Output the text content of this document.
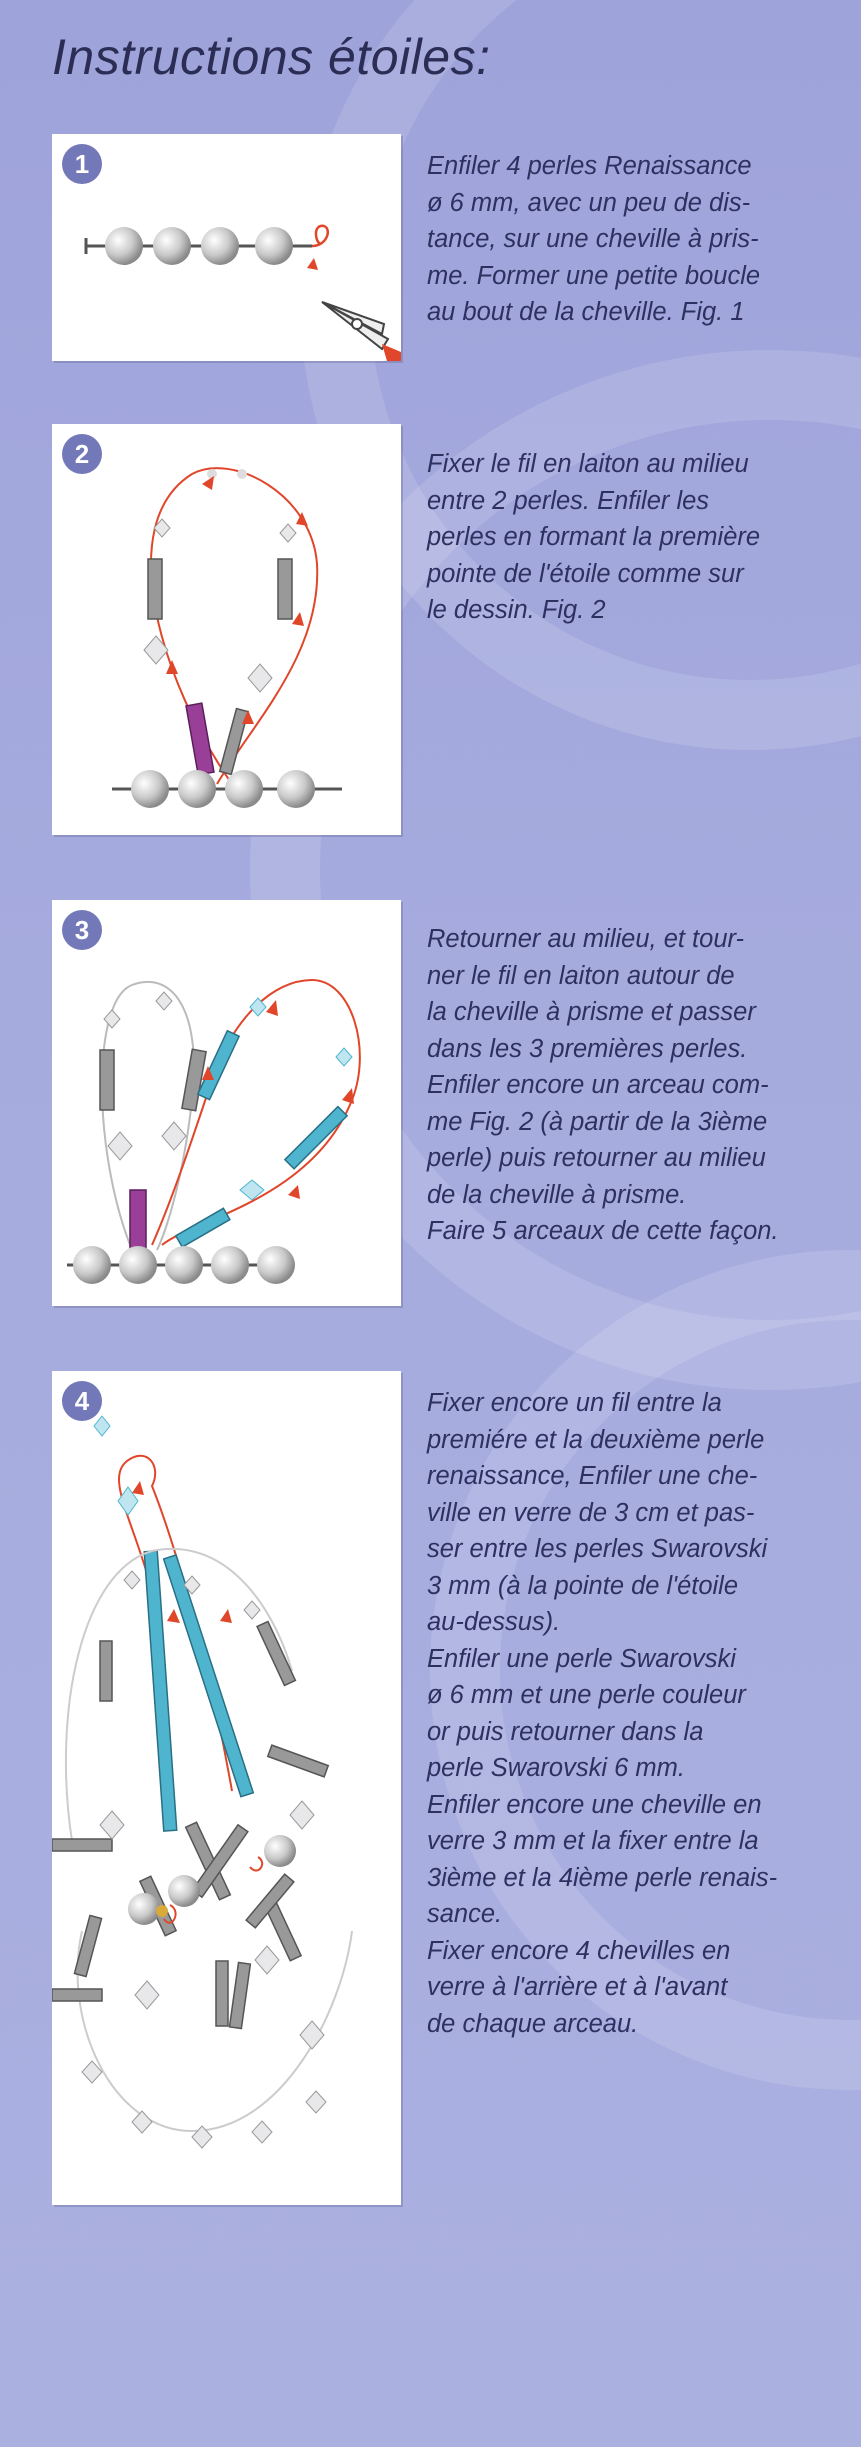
Instructions étoiles:
1	Enfiler 4 perles Renaissance

ø 6 mm, avec un peu de dis-

tance, sur une cheville à pris-

me. Former une petite boucle

au bout de la cheville. Fig. 1

2	Fixer le fil en laiton au milieu

entre 2 perles. Enfiler les

perles en formant la première

pointe de l'étoile comme sur

le dessin. Fig. 2

3	Retourner au milieu, et tour-

ner le fil en laiton autour de

la cheville à prisme et passer

dans les 3 premières perles.

Enfiler encore un arceau com-

me Fig. 2 (à partir de la 3ième

perle) puis retourner au milieu

de la cheville à prisme.

Faire 5 arceaux de cette façon.

4	Fixer encore un fil entre la

premiére et la deuxième perle

renaissance, Enfiler une che-

ville en verre de 3 cm et pas-

ser entre les perles Swarovski

3 mm (à la pointe de l'étoile

au-dessus).

Enfiler une perle Swarovski

ø 6 mm et une perle couleur

or puis retourner dans la

perle Swarovski 6 mm.

Enfiler encore une cheville en

verre 3 mm et la fixer entre la

3ième et la 4ième perle renais-

sance.

Fixer encore 4 chevilles en

verre à l'arrière et à l'avant

de chaque arceau.
